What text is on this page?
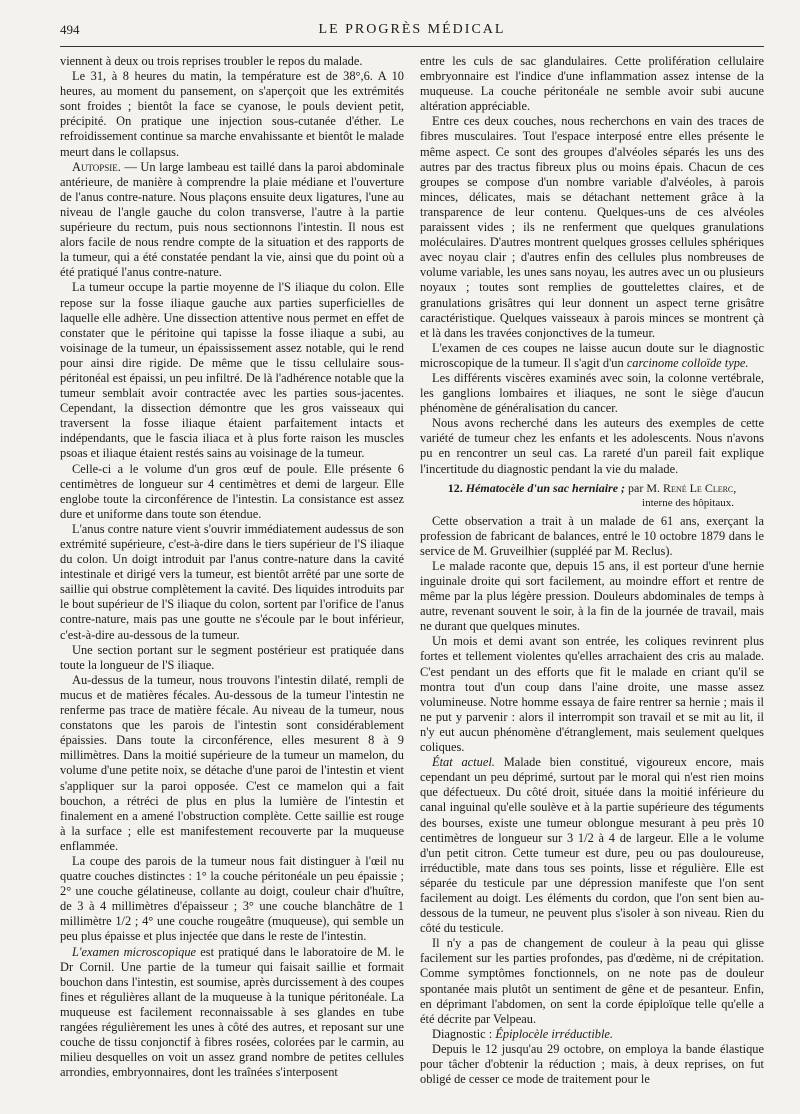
494	LE PROGRÈS MÉDICAL

viennent à deux ou trois reprises troubler le repos du malade.

Le 31, à 8 heures du matin, la température est de 38°,6. A 10 heures, au moment du pansement, on s'aperçoit que les extrémités sont froides ; bientôt la face se cyanose, le pouls devient petit, précipité. On pratique une injection sous-cutanée d'éther. Le refroidissement continue sa marche envahissante et bientôt le malade meurt dans le collapsus.

Autopsie. — Un large lambeau est taillé dans la paroi abdominale antérieure, de manière à comprendre la plaie médiane et l'ouverture de l'anus contre-nature. Nous plaçons ensuite deux ligatures, l'une au niveau de l'angle gauche du colon transverse, l'autre à la partie supérieure du rectum, puis nous sectionnons l'intestin. Il nous est alors facile de nous rendre compte de la situation et des rapports de la tumeur, qui a été constatée pendant la vie, ainsi que du point où a été pratiqué l'anus contre-nature.

La tumeur occupe la partie moyenne de l'S iliaque du colon. Elle repose sur la fosse iliaque gauche aux parties superficielles de laquelle elle adhère. Une dissection attentive nous permet en effet de constater que le péritoine qui tapisse la fosse iliaque a subi, au voisinage de la tumeur, un épaississement assez notable, qui le rend pour ainsi dire rigide. De même que le tissu cellulaire sous-péritonéal est épaissi, un peu infiltré. De là l'adhérence notable que la tumeur semblait avoir contractée avec les parties sous-jacentes. Cependant, la dissection démontre que les gros vaisseaux qui traversent la fosse iliaque étaient parfaitement intacts et indépendants, que le fascia iliaca et à plus forte raison les muscles psoas et iliaque étaient restés sains au voisinage de la tumeur.

Celle-ci a le volume d'un gros œuf de poule. Elle présente 6 centimètres de longueur sur 4 centimètres et demi de largeur. Elle englobe toute la circonférence de l'intestin. La consistance est assez dure et uniforme dans toute son étendue.

L'anus contre nature vient s'ouvrir immédiatement audessus de son extrémité supérieure, c'est-à-dire dans le tiers supérieur de l'S iliaque du colon. Un doigt introduit par l'anus contre-nature dans la cavité intestinale et dirigé vers la tumeur, est bientôt arrêté par une sorte de saillie qui obstrue complètement la cavité. Des liquides introduits par le bout supérieur de l'S iliaque du colon, sortent par l'orifice de l'anus contre-nature, mais pas une goutte ne s'écoule par le bout inférieur, c'est-à-dire au-dessous de la tumeur.

Une section portant sur le segment postérieur est pratiquée dans toute la longueur de l'S iliaque.

Au-dessus de la tumeur, nous trouvons l'intestin dilaté, rempli de mucus et de matières fécales. Au-dessous de la tumeur l'intestin ne renferme pas trace de matière fécale. Au niveau de la tumeur, nous constatons que les parois de l'intestin sont considérablement épaissies. Dans toute la circonférence, elles mesurent 8 à 9 millimètres. Dans la moitié supérieure de la tumeur un mamelon, du volume d'une petite noix, se détache d'une paroi de l'intestin et vient s'appliquer sur la paroi opposée. C'est ce mamelon qui a fait bouchon, a rétréci de plus en plus la lumière de l'intestin et finalement en a amené l'obstruction complète. Cette saillie est rouge à la surface ; elle est manifestement recouverte par la muqueuse enflammée.

La coupe des parois de la tumeur nous fait distinguer à l'œil nu quatre couches distinctes : 1° la couche péritonéale un peu épaissie ; 2° une couche gélatineuse, collante au doigt, couleur chair d'huître, de 3 à 4 millimètres d'épaisseur ; 3° une couche blanchâtre de 1 millimètre 1/2 ; 4° une couche rougeâtre (muqueuse), qui semble un peu plus épaisse et plus injectée que dans le reste de l'intestin.

L'examen microscopique est pratiqué dans le laboratoire de M. le Dr Cornil. Une partie de la tumeur qui faisait saillie et formait bouchon dans l'intestin, est soumise, après durcissement à des coupes fines et régulières allant de la muqueuse à la tunique péritonéale. La muqueuse est facilement reconnaissable à ses glandes en tube rangées régulièrement les unes à côté des autres, et reposant sur une couche de tissu conjonctif à fibres rosées, colorées par le carmin, au milieu desquelles on voit un assez grand nombre de petites cellules arrondies, embryonnaires, dont les traînées s'interposent

entre les culs de sac glandulaires. Cette prolifération cellulaire embryonnaire est l'indice d'une inflammation assez intense de la muqueuse. La couche péritonéale ne semble avoir subi aucune altération appréciable.

Entre ces deux couches, nous recherchons en vain des traces de fibres musculaires. Tout l'espace interposé entre elles présente le même aspect. Ce sont des groupes d'alvéoles séparés les uns des autres par des tractus fibreux plus ou moins épais. Chacun de ces groupes se compose d'un nombre variable d'alvéoles, à parois minces, délicates, mais se détachant nettement grâce à la transparence de leur contenu. Quelques-uns de ces alvéoles paraissent vides ; ils ne renferment que quelques granulations moléculaires. D'autres montrent quelques grosses cellules sphériques avec noyau clair ; d'autres enfin des cellules plus nombreuses de volume variable, les unes sans noyau, les autres avec un ou plusieurs noyaux ; toutes sont remplies de gouttelettes claires, et de granulations grisâtres qui leur donnent un aspect terne grisâtre caractéristique. Quelques vaisseaux à parois minces se montrent çà et là dans les travées conjonctives de la tumeur.

L'examen de ces coupes ne laisse aucun doute sur le diagnostic microscopique de la tumeur. Il s'agit d'un carcinome colloïde type.

Les différents viscères examinés avec soin, la colonne vertébrale, les ganglions lombaires et iliaques, ne sont le siège d'aucun phénomène de généralisation du cancer.

Nous avons recherché dans les auteurs des exemples de cette variété de tumeur chez les enfants et les adolescents. Nous n'avons pu en rencontrer un seul cas. La rareté d'un pareil fait explique l'incertitude du diagnostic pendant la vie du malade.

12. Hématocèle d'un sac herniaire ; par M. René Le Clerc,
interne des hôpitaux.

Cette observation a trait à un malade de 61 ans, exerçant la profession de fabricant de balances, entré le 10 octobre 1879 dans le service de M. Gruveilhier (suppléé par M. Reclus).

Le malade raconte que, depuis 15 ans, il est porteur d'une hernie inguinale droite qui sort facilement, au moindre effort et rentre de même par la plus légère pression. Douleurs abdominales de temps à autre, revenant souvent le soir, à la fin de la journée de travail, mais ne durant que quelques minutes.

Un mois et demi avant son entrée, les coliques revinrent plus fortes et tellement violentes qu'elles arrachaient des cris au malade. C'est pendant un des efforts que fit le malade en criant qu'il se montra tout d'un coup dans l'aine droite, une masse assez volumineuse. Notre homme essaya de faire rentrer sa hernie ; mais il ne put y parvenir : alors il interrompit son travail et se mit au lit, il n'y eut aucun phénomène d'étranglement, mais seulement quelques coliques.

État actuel. Malade bien constitué, vigoureux encore, mais cependant un peu déprimé, surtout par le moral qui n'est rien moins que défectueux. Du côté droit, située dans la moitié inférieure du canal inguinal qu'elle soulève et à la partie supérieure des téguments des bourses, existe une tumeur oblongue mesurant à peu près 10 centimètres de longueur sur 3 1/2 à 4 de largeur. Elle a le volume d'un petit citron. Cette tumeur est dure, peu ou pas douloureuse, irréductible, mate dans tous ses points, lisse et régulière. Elle est séparée du testicule par une dépression manifeste que l'on sent facilement au doigt. Les éléments du cordon, que l'on sent bien au-dessous de la tumeur, ne peuvent plus s'isoler à son niveau. Rien du côté du testicule.

Il n'y a pas de changement de couleur à la peau qui glisse facilement sur les parties profondes, pas d'œdème, ni de crépitation. Comme symptômes fonctionnels, on ne note pas de douleur spontanée mais plutôt un sentiment de gêne et de pesanteur. Enfin, en déprimant l'abdomen, on sent la corde épiploïque telle qu'elle a été décrite par Velpeau.

Diagnostic : Épiplocèle irréductible.

Depuis le 12 jusqu'au 29 octobre, on employa la bande élastique pour tâcher d'obtenir la réduction ; mais, à deux reprises, on fut obligé de cesser ce mode de traitement pour le
